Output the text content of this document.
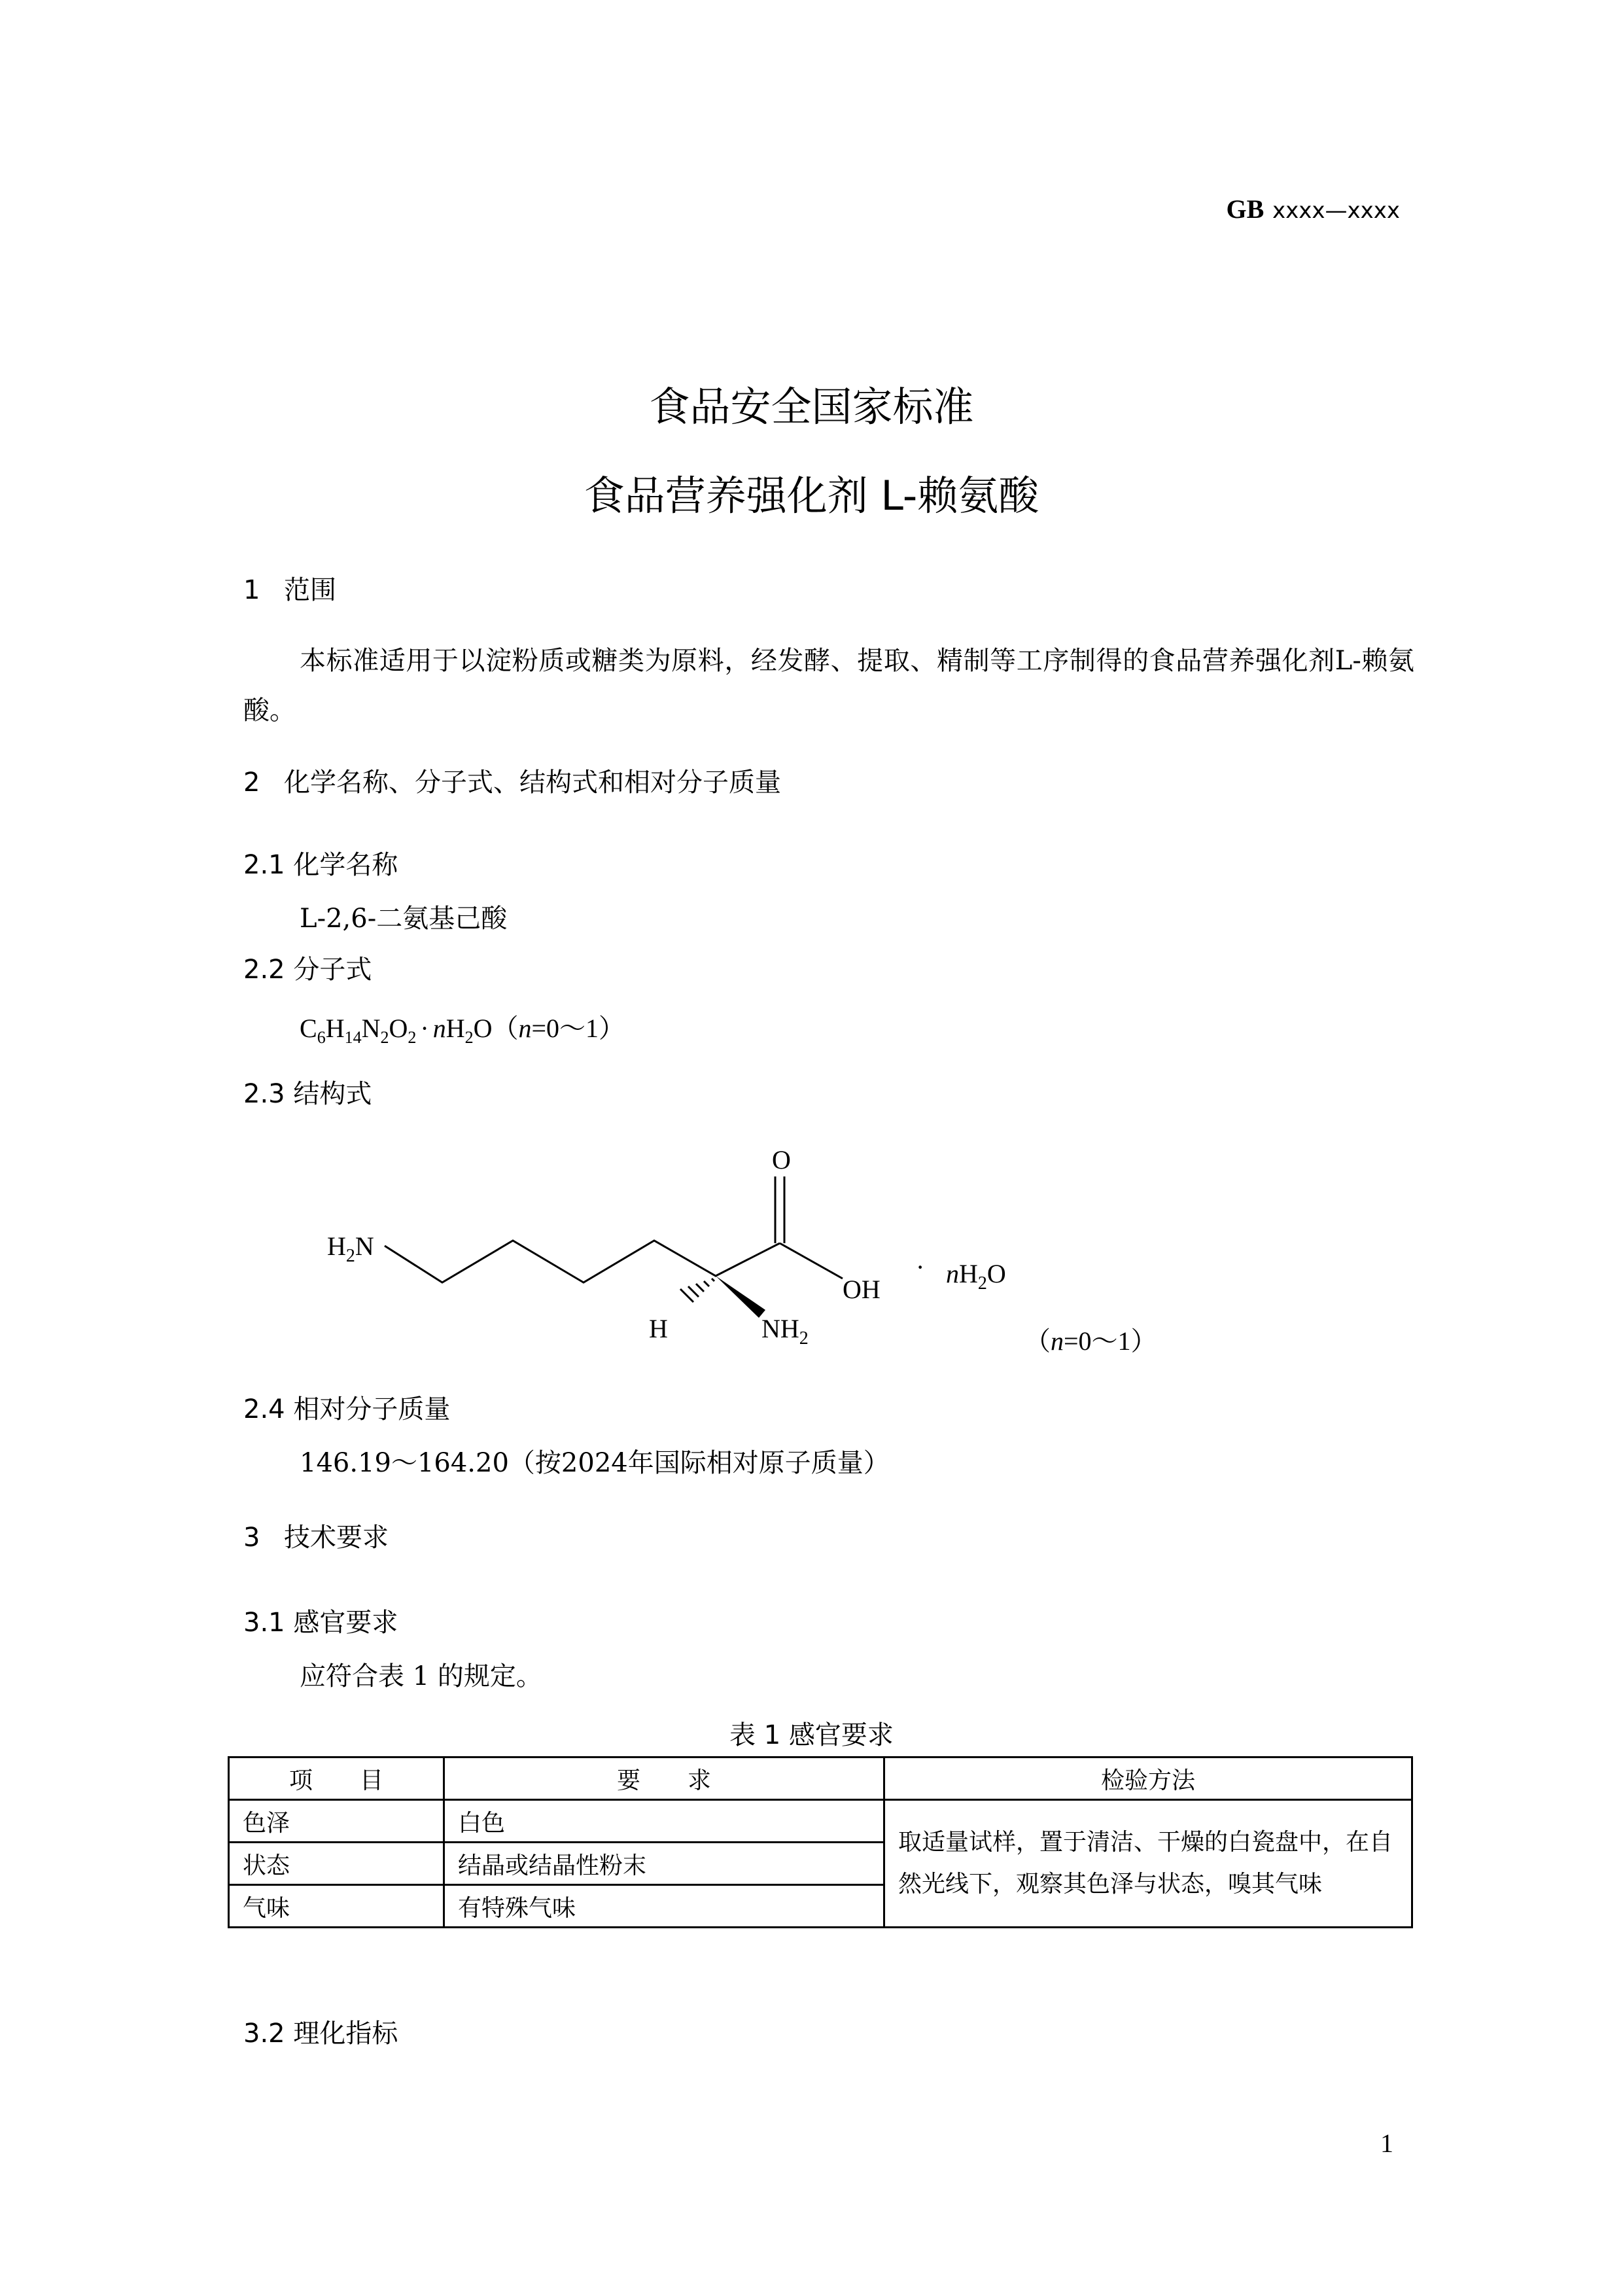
GB xxxx—xxxx
食品安全国家标准
食品营养强化剂 L-赖氨酸
1 范围
本标准适用于以淀粉质或糖类为原料，经发酵、提取、精制等工序制得的食品营养强化剂L-赖氨酸。
2 化学名称、分子式、结构式和相对分子质量
2.1 化学名称
L-2,6-二氨基己酸
2.2 分子式
$C_6H_{14}N_2O_2$ · $nH_2O(n=0\sim 1)$
2.3 结构式
$H_2N$
O
OH
· $nH_2O$
H	$NH_2$	（n=0～1）
2.4 相对分子质量
146.19～164.20（按2024年国际相对原子质量）
3 技术要求
3.1 感官要求
应符合表 1 的规定。
表 1 感官要求
项　　目	要　　求	检验方法
色泽	白色	取适量试样，置于清洁、干燥的白瓷盘中，在自然光线下，观察其色泽与状态，嗅其气味
状态	结晶或结晶性粉末	
气味	有特殊气味	
3.2 理化指标
1
